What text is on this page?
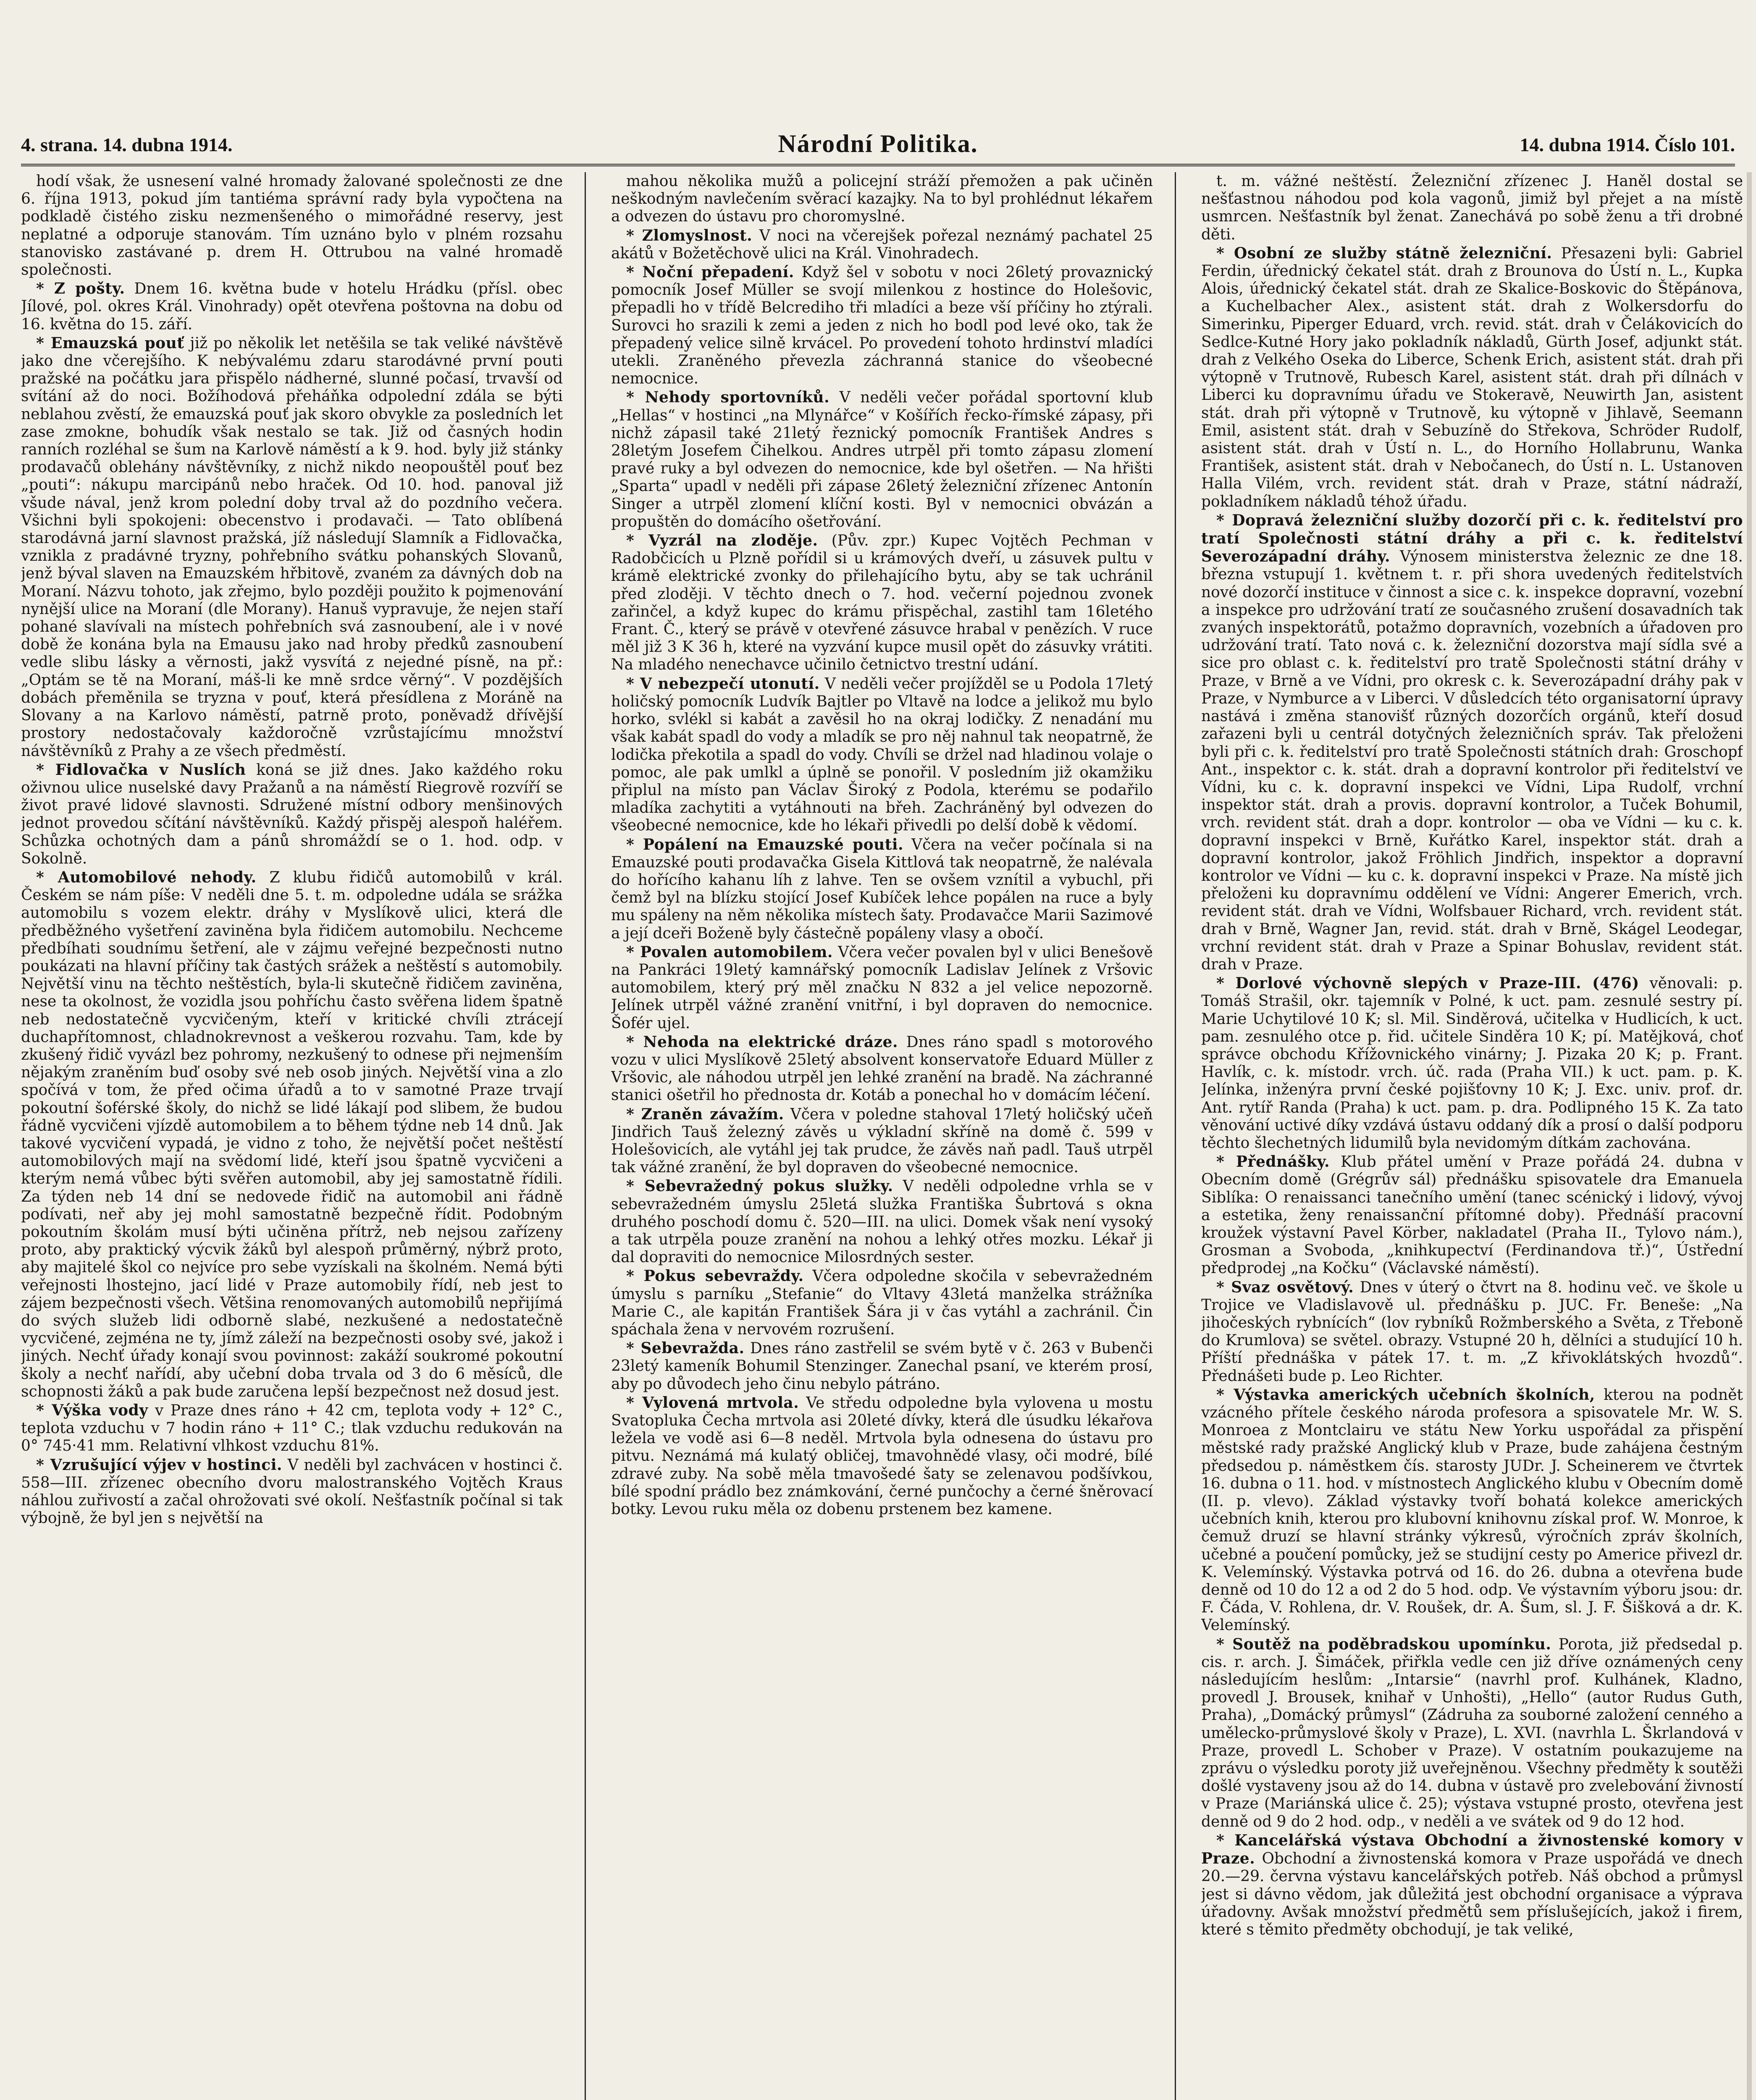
4. strana. 14. dubna 1914.	Národní Politika.	14. dubna 1914. Číslo 101.

hodí však, že usnesení valné hromady žalované společnosti ze dne 6. října 1913, pokud jím tantiéma správní rady byla vypočtena na podkladě čistého zisku nezmenšeného o mimořádné reservy, jest neplatné a odporuje stanovám. Tím uznáno bylo v plném rozsahu stanovisko zastávané p. drem H. Ottrubou na valné hromadě společnosti.

* Z pošty. Dnem 16. května bude v hotelu Hrádku (přísl. obec Jílové, pol. okres Král. Vinohrady) opět otevřena poštovna na dobu od 16. května do 15. září.

* Emauzská pouť již po několik let netěšila se tak veliké návštěvě jako dne včerejšího. K nebývalému zdaru starodávné první pouti pražské na počátku jara přispělo nádherné, slunné počasí, trvavší od svítání až do noci. Božíhodová přeháňka odpolední zdála se býti neblahou zvěstí, že emauzská pouť jak skoro obvykle za posledních let zase zmokne, bohudík však nestalo se tak. Již od časných hodin ranních rozléhal se šum na Karlově náměstí a k 9. hod. byly již stánky prodavačů oblehány návštěvníky, z nichž nikdo neopouštěl pouť bez „pouti“: nákupu marcipánů nebo hraček. Od 10. hod. panoval již všude nával, jenž krom polední doby trval až do pozdního večera. Všichni byli spokojeni: obecenstvo i prodavači. — Tato oblíbená starodávná jarní slavnost pražská, jíž následují Slamník a Fidlovačka, vznikla z pradávné tryzny, pohřebního svátku pohanských Slovanů, jenž býval slaven na Emauzském hřbitově, zvaném za dávných dob na Moraní. Názvu tohoto, jak zřejmo, bylo později použito k pojmenování nynější ulice na Moraní (dle Morany). Hanuš vypravuje, že nejen staří pohané slavívali na místech pohřebních svá zasnoubení, ale i v nové době že konána byla na Emausu jako nad hroby předků zasnoubení vedle slibu lásky a věrnosti, jakž vysvítá z nejedné písně, na př.: „Optám se tě na Moraní, máš-li ke mně srdce věrný“. V pozdějších dobách přeměnila se tryzna v pouť, která přesídlena z Moráně na Slovany a na Karlovo náměstí, patrně proto, poněvadž dřívější prostory nedostačovaly každoročně vzrůstajícímu množství návštěvníků z Prahy a ze všech předměstí.

* Fidlovačka v Nuslích koná se již dnes. Jako každého roku oživnou ulice nuselské davy Pražanů a na náměstí Riegrově rozvíří se život pravé lidové slavnosti. Sdružené místní odbory menšinových jednot provedou sčítání návštěvníků. Každý přispěj alespoň haléřem. Schůzka ochotných dam a pánů shromáždí se o 1. hod. odp. v Sokolně.

* Automobilové nehody. Z klubu řidičů automobilů v král. Českém se nám píše: V neděli dne 5. t. m. odpoledne udála se srážka automobilu s vozem elektr. dráhy v Myslíkově ulici, která dle předběžného vyšetření zaviněna byla řidičem automobilu. Nechceme předbíhati soudnímu šetření, ale v zájmu veřejné bezpečnosti nutno poukázati na hlavní příčiny tak častých srážek a neštěstí s automobily. Největší vinu na těchto neštěstích, byla-li skutečně řidičem zaviněna, nese ta okolnost, že vozidla jsou pohříchu často svěřena lidem špatně neb nedostatečně vycvičeným, kteří v kritické chvíli ztrácejí duchapřítomnost, chladnokrevnost a veškerou rozvahu. Tam, kde by zkušený řidič vyvázl bez pohromy, nezkušený to odnese při nejmenším nějakým zraněním buď osoby své neb osob jiných. Největší vina a zlo spočívá v tom, že před očima úřadů a to v samotné Praze trvají pokoutní šoférské školy, do nichž se lidé lákají pod slibem, že budou řádně vycvičeni vjízdě automobilem a to během týdne neb 14 dnů. Jak takové vycvičení vypadá, je vidno z toho, že největší počet neštěstí automobilových mají na svědomí lidé, kteří jsou špatně vycvičeni a kterým nemá vůbec býti svěřen automobil, aby jej samostatně řídili. Za týden neb 14 dní se nedovede řidič na automobil ani řádně podívati, neř aby jej mohl samostatně bezpečně řídit. Podobným pokoutním školám musí býti učiněna přítrž, neb nejsou zařízeny proto, aby praktický výcvik žáků byl alespoň průměrný, nýbrž proto, aby majitelé škol co nejvíce pro sebe vyzískali na školném. Nemá býti veřejnosti lhostejno, jací lidé v Praze automobily řídí, neb jest to zájem bezpečnosti všech. Většina renomovaných automobilů nepřijímá do svých služeb lidi odborně slabé, nezkušené a nedostatečně vycvičené, zejména ne ty, jímž záleží na bezpečnosti osoby své, jakož i jiných. Nechť úřady konají svou povinnost: zakáží soukromé pokoutní školy a nechť nařídí, aby učební doba trvala od 3 do 6 měsíců, dle schopnosti žáků a pak bude zaručena lepší bezpečnost než dosud jest.

* Výška vody v Praze dnes ráno + 42 cm, teplota vody + 12° C., teplota vzduchu v 7 hodin ráno + 11° C.; tlak vzduchu redukován na 0° 745·41 mm. Relativní vlhkost vzduchu 81%.

* Vzrušující výjev v hostinci. V neděli byl zachvácen v hostinci č. 558—III. zřízenec obecního dvoru malostranského Vojtěch Kraus náhlou zuřivostí a začal ohrožovati své okolí. Nešťastník počínal si tak výbojně, že byl jen s největší na

mahou několika mužů a policejní stráží přemožen a pak učiněn neškodným navlečením svěrací kazajky. Na to byl prohlédnut lékařem a odvezen do ústavu pro choromyslné.

* Zlomyslnost. V noci na včerejšek pořezal neznámý pachatel 25 akátů v Božetěchově ulici na Král. Vinohradech.

* Noční přepadení. Když šel v sobotu v noci 26letý provaznický pomocník Josef Müller se svojí milenkou z hostince do Holešovic, přepadli ho v třídě Belcrediho tři mladíci a beze vší příčiny ho ztýrali. Surovci ho srazili k zemi a jeden z nich ho bodl pod levé oko, tak že přepadený velice silně krvácel. Po provedení tohoto hrdinství mladíci utekli. Zraněného převezla záchranná stanice do všeobecné nemocnice.

* Nehody sportovníků. V neděli večer pořádal sportovní klub „Hellas“ v hostinci „na Mlynářce“ v Košířích řecko-římské zápasy, při nichž zápasil také 21letý řeznický pomocník František Andres s 28letým Josefem Čihelkou. Andres utrpěl při tomto zápasu zlomení pravé ruky a byl odvezen do nemocnice, kde byl ošetřen. — Na hřišti „Sparta“ upadl v neděli při zápase 26letý železniční zřízenec Antonín Singer a utrpěl zlomení klíční kosti. Byl v nemocnici obvázán a propuštěn do domácího ošetřování.

* Vyzrál na zloděje. (Pův. zpr.) Kupec Vojtěch Pechman v Radobčicích u Plzně pořídil si u krámových dveří, u zásuvek pultu v krámě elektrické zvonky do přilehajícího bytu, aby se tak uchránil před zloději. V těchto dnech o 7. hod. večerní pojednou zvonek zařinčel, a když kupec do krámu přispěchal, zastihl tam 16letého Frant. Č., který se právě v otevřené zásuvce hrabal v penězích. V ruce měl již 3 K 36 h, které na vyzvání kupce musil opět do zásuvky vrátiti. Na mladého nenechavce učinilo četnictvo trestní udání.

* V nebezpečí utonutí. V neděli večer projížděl se u Podola 17letý holičský pomocník Ludvík Bajtler po Vltavě na lodce a jelikož mu bylo horko, svlékl si kabát a zavěsil ho na okraj lodičky. Z nenadání mu však kabát spadl do vody a mladík se pro něj nahnul tak neopatrně, že lodička překotila a spadl do vody. Chvíli se držel nad hladinou volaje o pomoc, ale pak umlkl a úplně se ponořil. V posledním již okamžiku připlul na místo pan Václav Široký z Podola, kterému se podařilo mladíka zachytiti a vytáhnouti na břeh. Zachráněný byl odvezen do všeobecné nemocnice, kde ho lékaři přivedli po delší době k vědomí.

* Popálení na Emauzské pouti. Včera na večer počínala si na Emauzské pouti prodavačka Gisela Kittlová tak neopatrně, že nalévala do hořícího kahanu líh z lahve. Ten se ovšem vznítil a vybuchl, při čemž byl na blízku stojící Josef Kubíček lehce popálen na ruce a byly mu spáleny na něm několika místech šaty. Prodavačce Marii Sazimové a její dceři Boženě byly částečně popáleny vlasy a obočí.

* Povalen automobilem. Včera večer povalen byl v ulici Benešově na Pankráci 19letý kamnářský pomocník Ladislav Jelínek z Vršovic automobilem, který prý měl značku N 832 a jel velice nepozorně. Jelínek utrpěl vážné zranění vnitřní, i byl dopraven do nemocnice. Šofér ujel.

* Nehoda na elektrické dráze. Dnes ráno spadl s motorového vozu v ulici Myslíkově 25letý absolvent konservatoře Eduard Müller z Vršovic, ale náhodou utrpěl jen lehké zranění na bradě. Na záchranné stanici ošetřil ho přednosta dr. Kotáb a ponechal ho v domácím léčení.

* Zraněn závažím. Včera v poledne stahoval 17letý holičský učeň Jindřich Tauš železný závěs u výkladní skříně na domě č. 599 v Holešovicích, ale vytáhl jej tak prudce, že závěs naň padl. Tauš utrpěl tak vážné zranění, že byl dopraven do všeobecné nemocnice.

* Sebevražedný pokus služky. V neděli odpoledne vrhla se v sebevražedném úmyslu 25letá služka Františka Šubrtová s okna druhého poschodí domu č. 520—III. na ulici. Domek však není vysoký a tak utrpěla pouze zranění na nohou a lehký otřes mozku. Lékař ji dal dopraviti do nemocnice Milosrdných sester.

* Pokus sebevraždy. Včera odpoledne skočila v sebevražedném úmyslu s parníku „Stefanie“ do Vltavy 43letá manželka strážníka Marie C., ale kapitán František Šára ji v čas vytáhl a zachránil. Čin spáchala žena v nervovém rozrušení.

* Sebevražda. Dnes ráno zastřelil se svém bytě v č. 263 v Bubenči 23letý kameník Bohumil Stenzinger. Zanechal psaní, ve kterém prosí, aby po důvodech jeho činu nebylo pátráno.

* Vylovená mrtvola. Ve středu odpoledne byla vylovena u mostu Svatopluka Čecha mrtvola asi 20leté dívky, která dle úsudku lékařova ležela ve vodě asi 6—8 neděl. Mrtvola byla odnesena do ústavu pro pitvu. Neznámá má kulatý obličej, tmavohnědé vlasy, oči modré, bílé zdravé zuby. Na sobě měla tmavošedé šaty se zelenavou podšívkou, bílé spodní prádlo bez známkování, černé punčochy a černé šněrovací botky. Levou ruku měla oz dobenu prstenem bez kamene.

t. m. vážné neštěstí. Železniční zřízenec J. Haněl dostal se nešťastnou náhodou pod kola vagonů, jimiž byl přejet a na místě usmrcen. Nešťastník byl ženat. Zanechává po sobě ženu a tři drobné děti.

* Osobní ze služby státně železniční. Přesazeni byli: Gabriel Ferdin, úřednický čekatel stát. drah z Brounova do Ústí n. L., Kupka Alois, úřednický čekatel stát. drah ze Skalice-Boskovic do Štěpánova, a Kuchelbacher Alex., asistent stát. drah z Wolkersdorfu do Simerinku, Piperger Eduard, vrch. revid. stát. drah v Čelákovicích do Sedlce-Kutné Hory jako pokladník nákladů, Gürth Josef, adjunkt stát. drah z Velkého Oseka do Liberce, Schenk Erich, asistent stát. drah při výtopně v Trutnově, Rubesch Karel, asistent stát. drah při dílnách v Liberci ku dopravnímu úřadu ve Stokeravě, Neuwirth Jan, asistent stát. drah při výtopně v Trutnově, ku výtopně v Jihlavě, Seemann Emil, asistent stát. drah v Sebuzíně do Střekova, Schröder Rudolf, asistent stát. drah v Ústí n. L., do Horního Hollabrunu, Wanka František, asistent stát. drah v Nebočanech, do Ústí n. L. Ustanoven Halla Vilém, vrch. revident stát. drah v Praze, státní nádraží, pokladníkem nákladů téhož úřadu.

* Dopravá železniční služby dozorčí při c. k. ředitelství pro tratí Společnosti státní dráhy a při c. k. ředitelství Severozápadní dráhy. Výnosem ministerstva železnic ze dne 18. března vstupují 1. květnem t. r. při shora uvedených ředitelstvích nové dozorčí instituce v činnost a sice c. k. inspekce dopravní, vozební a inspekce pro udržování tratí ze současného zrušení dosavadních tak zvaných inspektorátů, potažmo dopravních, vozebních a úřadoven pro udržování tratí. Tato nová c. k. železniční dozorstva mají sídla své a sice pro oblast c. k. ředitelství pro tratě Společnosti státní dráhy v Praze, v Brně a ve Vídni, pro okresk c. k. Severozápadní dráhy pak v Praze, v Nymburce a v Liberci. V důsledcích této organisatorní úpravy nastává i změna stanovišť různých dozorčích orgánů, kteří dosud zařazeni byli u centrál dotyčných železničních správ. Tak přeloženi byli při c. k. ředitelství pro tratě Společnosti státních drah: Groschopf Ant., inspektor c. k. stát. drah a dopravní kontrolor při ředitelství ve Vídni, ku c. k. dopravní inspekci ve Vídni, Lipa Rudolf, vrchní inspektor stát. drah a provis. dopravní kontrolor, a Tuček Bohumil, vrch. revident stát. drah a dopr. kontrolor — oba ve Vídni — ku c. k. dopravní inspekci v Brně, Kuřátko Karel, inspektor stát. drah a dopravní kontrolor, jakož Fröhlich Jindřich, inspektor a dopravní kontrolor ve Vídni — ku c. k. dopravní inspekci v Praze. Na místě jich přeloženi ku dopravnímu oddělení ve Vídni: Angerer Emerich, vrch. revident stát. drah ve Vídni, Wolfsbauer Richard, vrch. revident stát. drah v Brně, Wagner Jan, revid. stát. drah v Brně, Skágel Leodegar, vrchní revident stát. drah v Praze a Spinar Bohuslav, revident stát. drah v Praze.

* Dorlové výchovně slepých v Praze-III. (476) věnovali: p. Tomáš Strašil, okr. tajemník v Polné, k uct. pam. zesnulé sestry pí. Marie Uchytilové 10 K; sl. Mil. Sinděrová, učitelka v Hudlicích, k uct. pam. zesnulého otce p. řid. učitele Sinděra 10 K; pí. Matějková, choť správce obchodu Křížovnického vinárny; J. Pizaka 20 K; p. Frant. Havlík, c. k. místodr. vrch. úč. rada (Praha VII.) k uct. pam. p. K. Jelínka, inženýra první české pojišťovny 10 K; J. Exc. univ. prof. dr. Ant. rytíř Randa (Praha) k uct. pam. p. dra. Podlipného 15 K. Za tato věnování uctivé díky vzdává ústavu oddaný dík a prosí o další podporu těchto šlechetných lidumilů byla nevidomým dítkám zachována.

* Přednášky. Klub přátel umění v Praze pořádá 24. dubna v Obecním domě (Grégrův sál) přednášku spisovatele dra Emanuela Siblíka: O renaissanci tanečního umění (tanec scénický i lidový, vývoj a estetika, ženy renaissanční přítomné doby). Přednáší pracovní kroužek výstavní Pavel Körber, nakladatel (Praha II., Tylovo nám.), Grosman a Svoboda, „knihkupectví (Ferdinandova tř.)“, Ústřední předprodej „na Kočku“ (Václavské náměstí).

* Svaz osvětový. Dnes v úterý o čtvrt na 8. hodinu več. ve škole u Trojice ve Vladislavově ul. přednášku p. JUC. Fr. Beneše: „Na jihočeských rybnících“ (lov rybníků Rožmberského a Světa, z Třeboně do Krumlova) se světel. obrazy. Vstupné 20 h, dělníci a studující 10 h. Příští přednáška v pátek 17. t. m. „Z křivoklátských hvozdů“. Přednášeti bude p. Leo Richter.

* Výstavka amerických učebních školních, kterou na podnět vzácného přítele českého národa profesora a spisovatele Mr. W. S. Monroea z Montclairu ve státu New Yorku uspořádal za přispění městské rady pražské Anglický klub v Praze, bude zahájena čestným předsedou p. náměstkem čís. starosty JUDr. J. Scheinerem ve čtvrtek 16. dubna o 11. hod. v místnostech Anglického klubu v Obecním domě (II. p. vlevo). Základ výstavky tvoří bohatá kolekce amerických učebních knih, kterou pro klubovní knihovnu získal prof. W. Monroe, k čemuž druzí se hlavní stránky výkresů, výročních zpráv školních, učebné a poučení pomůcky, jež se studijní cesty po Americe přivezl dr. K. Velemínský. Výstavka potrvá od 16. do 26. dubna a otevřena bude denně od 10 do 12 a od 2 do 5 hod. odp. Ve výstavním výboru jsou: dr. F. Čáda, V. Rohlena, dr. V. Roušek, dr. A. Šum, sl. J. F. Šišková a dr. K. Velemínský.

* Soutěž na poděbradskou upomínku. Porota, již předsedal p. cis. r. arch. J. Šimáček, přiřkla vedle cen již dříve oznámených ceny následujícím heslům: „Intarsie“ (navrhl prof. Kulhánek, Kladno, provedl J. Brousek, knihař v Unhošti), „Hello“ (autor Rudus Guth, Praha), „Domácký průmysl“ (Zádruha za souborné založení cenného a umělecko-průmyslové školy v Praze), L. XVI. (navrhla L. Škrlandová v Praze, provedl L. Schober v Praze). V ostatním poukazujeme na zprávu o výsledku poroty již uveřejněnou. Všechny předměty k soutěži došlé vystaveny jsou až do 14. dubna v ústavě pro zvelebování živností v Praze (Mariánská ulice č. 25); výstava vstupné prosto, otevřena jest denně od 9 do 2 hod. odp., v neděli a ve svátek od 9 do 12 hod.

* Kancelářská výstava Obchodní a živnostenské komory v Praze. Obchodní a živnostenská komora v Praze uspořádá ve dnech 20.—29. června výstavu kancelářských potřeb. Náš obchod a průmysl jest si dávno vědom, jak důležitá jest obchodní organisace a výprava úřadovny. Avšak množství předmětů sem příslušejících, jakož i firem, které s těmito předměty obchodují, je tak veliké,
